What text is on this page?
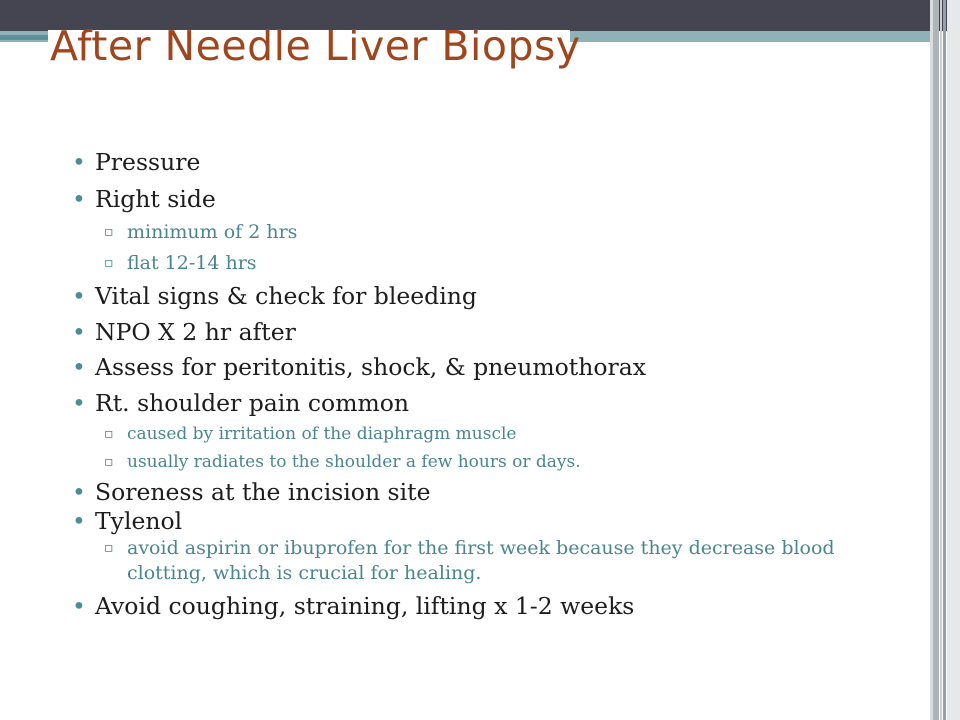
After Needle Liver Biopsy
• Pressure
• Right side
▫ minimum of 2 hrs
▫ flat 12-14 hrs
• Vital signs & check for bleeding
• NPO X 2 hr after
• Assess for peritonitis, shock, & pneumothorax
• Rt. shoulder pain common
▫ caused by irritation of the diaphragm muscle
▫ usually radiates to the shoulder a few hours or days.
• Soreness at the incision site
• Tylenol
▫ avoid aspirin or ibuprofen for the first week because they decrease blood clotting, which is crucial for healing.
• Avoid coughing, straining, lifting x 1-2 weeks
